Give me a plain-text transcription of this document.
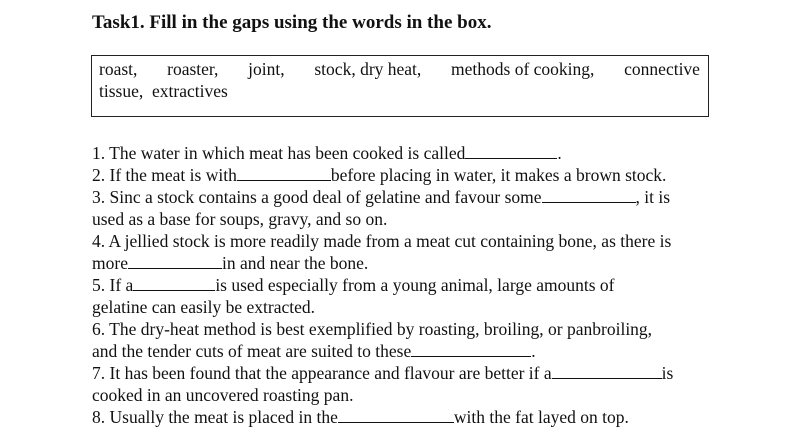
Task1. Fill in the gaps using the words in the box.
roast, roaster, joint, stock, dry heat, methods of cooking, connective
tissue,  extractives
1. The water in which meat has been cooked is called	.
2. If the meat is with	before placing in water, it makes a brown stock.
3. Sinc a stock contains a good deal of gelatine and favour some	, it is
used as a base for soups, gravy, and so on.
4. A jellied stock is more readily made from a meat cut containing bone, as there is
more	in and near the bone.
5. If a	is used especially from a young animal, large amounts of
gelatine can easily be extracted.
6. The dry-heat method is best exemplified by roasting, broiling, or panbroiling,
and the tender cuts of meat are suited to these	.
7. It has been found that the appearance and flavour are better if a	is
cooked in an uncovered roasting pan.
8. Usually the meat is placed in the	with the fat layed on top.
